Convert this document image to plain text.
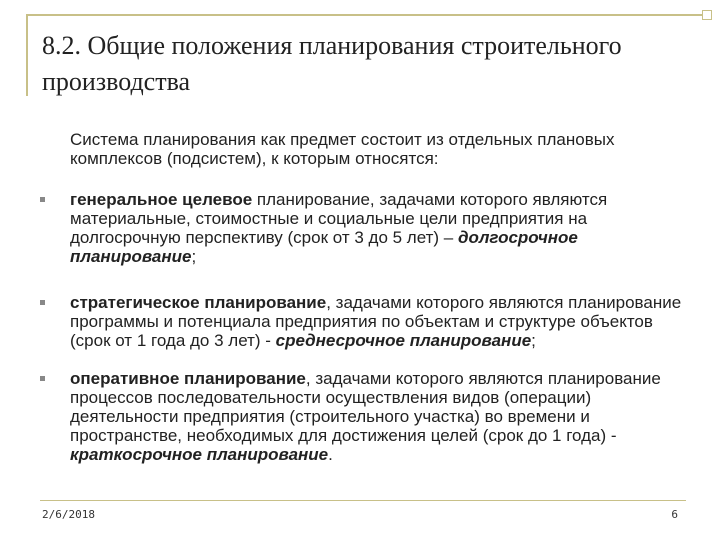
8.2. Общие положения планирования строительного производства
Система планирования как предмет состоит из отдельных плановых комплексов (подсистем), к которым относятся:
генеральное целевое планирование, задачами которого являются материальные, стоимостные и социальные цели предприятия на долгосрочную перспективу (срок от 3 до 5 лет) – долгосрочное планирование;
стратегическое планирование, задачами которого являются планирование программы и потенциала предприятия по объектам и структуре объектов (срок от 1 года до 3 лет) - среднесрочное планирование;
оперативное планирование, задачами которого являются планирование процессов последовательности осуществления видов (операции) деятельности предприятия (строительного участка) во времени и пространстве, необходимых для достижения целей (срок до 1 года) - краткосрочное планирование.
2/6/2018	6
